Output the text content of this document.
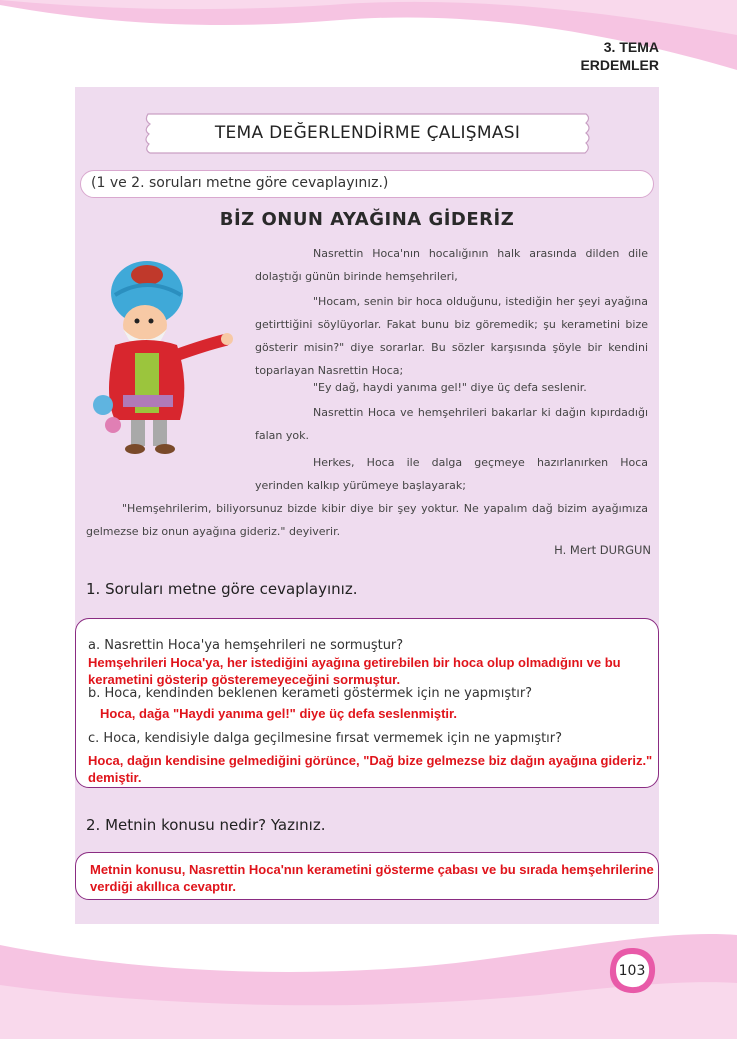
3. TEMA
ERDEMLER
TEMA DEĞERLENDİRME ÇALIŞMASI
(1 ve 2. soruları metne göre cevaplayınız.)
BİZ ONUN AYAĞINA GİDERİZ
Nasrettin Hoca'nın hocalığının halk arasında dilden dile dolaştığı günün birinde hemşehrileri,
"Hocam, senin bir hoca olduğunu, istediğin her şeyi ayağına getirttiğini söylüyorlar. Fakat bunu biz göremedik; şu kerametini bize gösterir misin?" diye sorarlar. Bu sözler karşısında şöyle bir kendini toparlayan Nasrettin Hoca;
"Ey dağ, haydi yanıma gel!" diye üç defa seslenir.
Nasrettin Hoca ve hemşehrileri bakarlar ki dağın kıpırdadığı falan yok.
Herkes, Hoca ile dalga geçmeye hazırlanırken Hoca yerinden kalkıp yürümeye başlayarak;
"Hemşehrilerim, biliyorsunuz bizde kibir diye bir şey yoktur. Ne yapalım dağ bizim ayağımıza gelmezse biz onun ayağına gideriz." deyiverir.
H. Mert DURGUN
1. Soruları metne göre cevaplayınız.
a. Nasrettin Hoca'ya hemşehrileri ne sormuştur?
Hemşehrileri Hoca'ya, her istediğini ayağına getirebilen bir hoca olup olmadığını ve bu kerametini gösterip gösteremeyeceğini sormuştur.
b. Hoca, kendinden beklenen kerameti göstermek için ne yapmıştır?
Hoca, dağa "Haydi yanıma gel!" diye üç defa seslenmiştir.
c. Hoca, kendisiyle dalga geçilmesine fırsat vermemek için ne yapmıştır?
Hoca, dağın kendisine gelmediğini görünce, "Dağ bize gelmezse biz dağın ayağına gideriz." demiştir.
2. Metnin konusu nedir? Yazınız.
Metnin konusu, Nasrettin Hoca'nın kerametini gösterme çabası ve bu sırada hemşehrilerine verdiği akıllıca cevaptır.
103
